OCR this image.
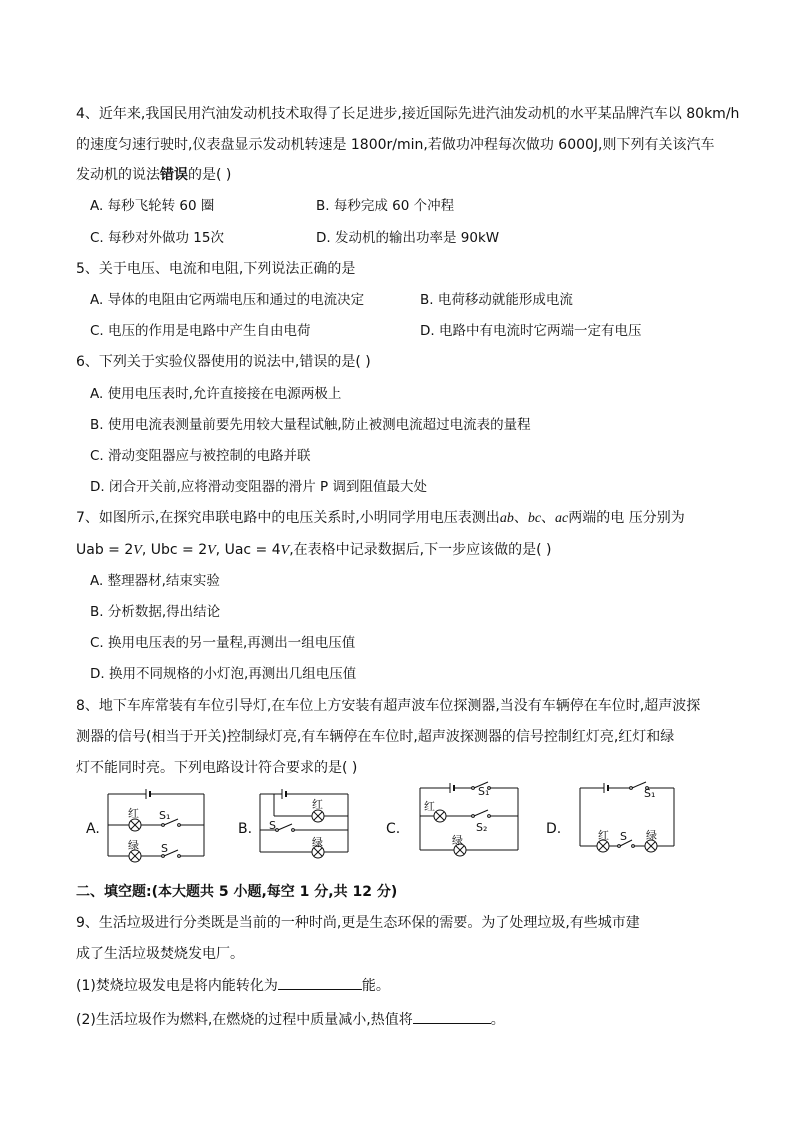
4、近年来,我国民用汽油发动机技术取得了长足进步,接近国际先进汽油发动机的水平某品牌汽车以 80km/h
的速度匀速行驶时,仪表盘显示发动机转速是 1800r/min,若做功冲程每次做功 6000J,则下列有关该汽车
发动机的说法错误的是( )
A. 每秒飞轮转 60 圈	B. 每秒完成 60 个冲程
C. 每秒对外做功 15次	D. 发动机的输出功率是 90kW
5、关于电压、电流和电阻,下列说法正确的是
A. 导体的电阻由它两端电压和通过的电流决定	B. 电荷移动就能形成电流
C. 电压的作用是电路中产生自由电荷	D. 电路中有电流时它两端一定有电压
6、下列关于实验仪器使用的说法中,错误的是( )
A. 使用电压表时,允许直接接在电源两极上
B. 使用电流表测量前要先用较大量程试触,防止被测电流超过电流表的量程
C. 滑动变阻器应与被控制的电路并联
D. 闭合开关前,应将滑动变阻器的滑片 P 调到阻值最大处
7、如图所示,在探究串联电路中的电压关系时,小明同学用电压表测出ab、bc、ac两端的电 压分别为
Uab = 2V, Ubc = 2V, Uac = 4V,在表格中记录数据后,下一步应该做的是( )
A. 整理器材,结束实验
B. 分析数据,得出结论
C. 换用电压表的另一量程,再测出一组电压值
D. 换用不同规格的小灯泡,再测出几组电压值
8、地下车库常装有车位引导灯,在车位上方安装有超声波车位探测器,当没有车辆停在车位时,超声波探
测器的信号(相当于开关)控制绿灯亮,有车辆停在车位时,超声波探测器的信号控制红灯亮,红灯和绿
灯不能同时亮。下列电路设计符合要求的是( )
A.
红 S₁
绿 S
B.
红
S
绿
C.
S₁
红
S₂
绿
D.
S₁
红 S 绿
二、填空题:(本大题共 5 小题,每空 1 分,共 12 分)
9、生活垃圾进行分类既是当前的一种时尚,更是生态环保的需要。为了处理垃圾,有些城市建
成了生活垃圾焚烧发电厂。
(1)焚烧垃圾发电是将内能转化为	能。
(2)生活垃圾作为燃料,在燃烧的过程中质量减小,热值将	。
